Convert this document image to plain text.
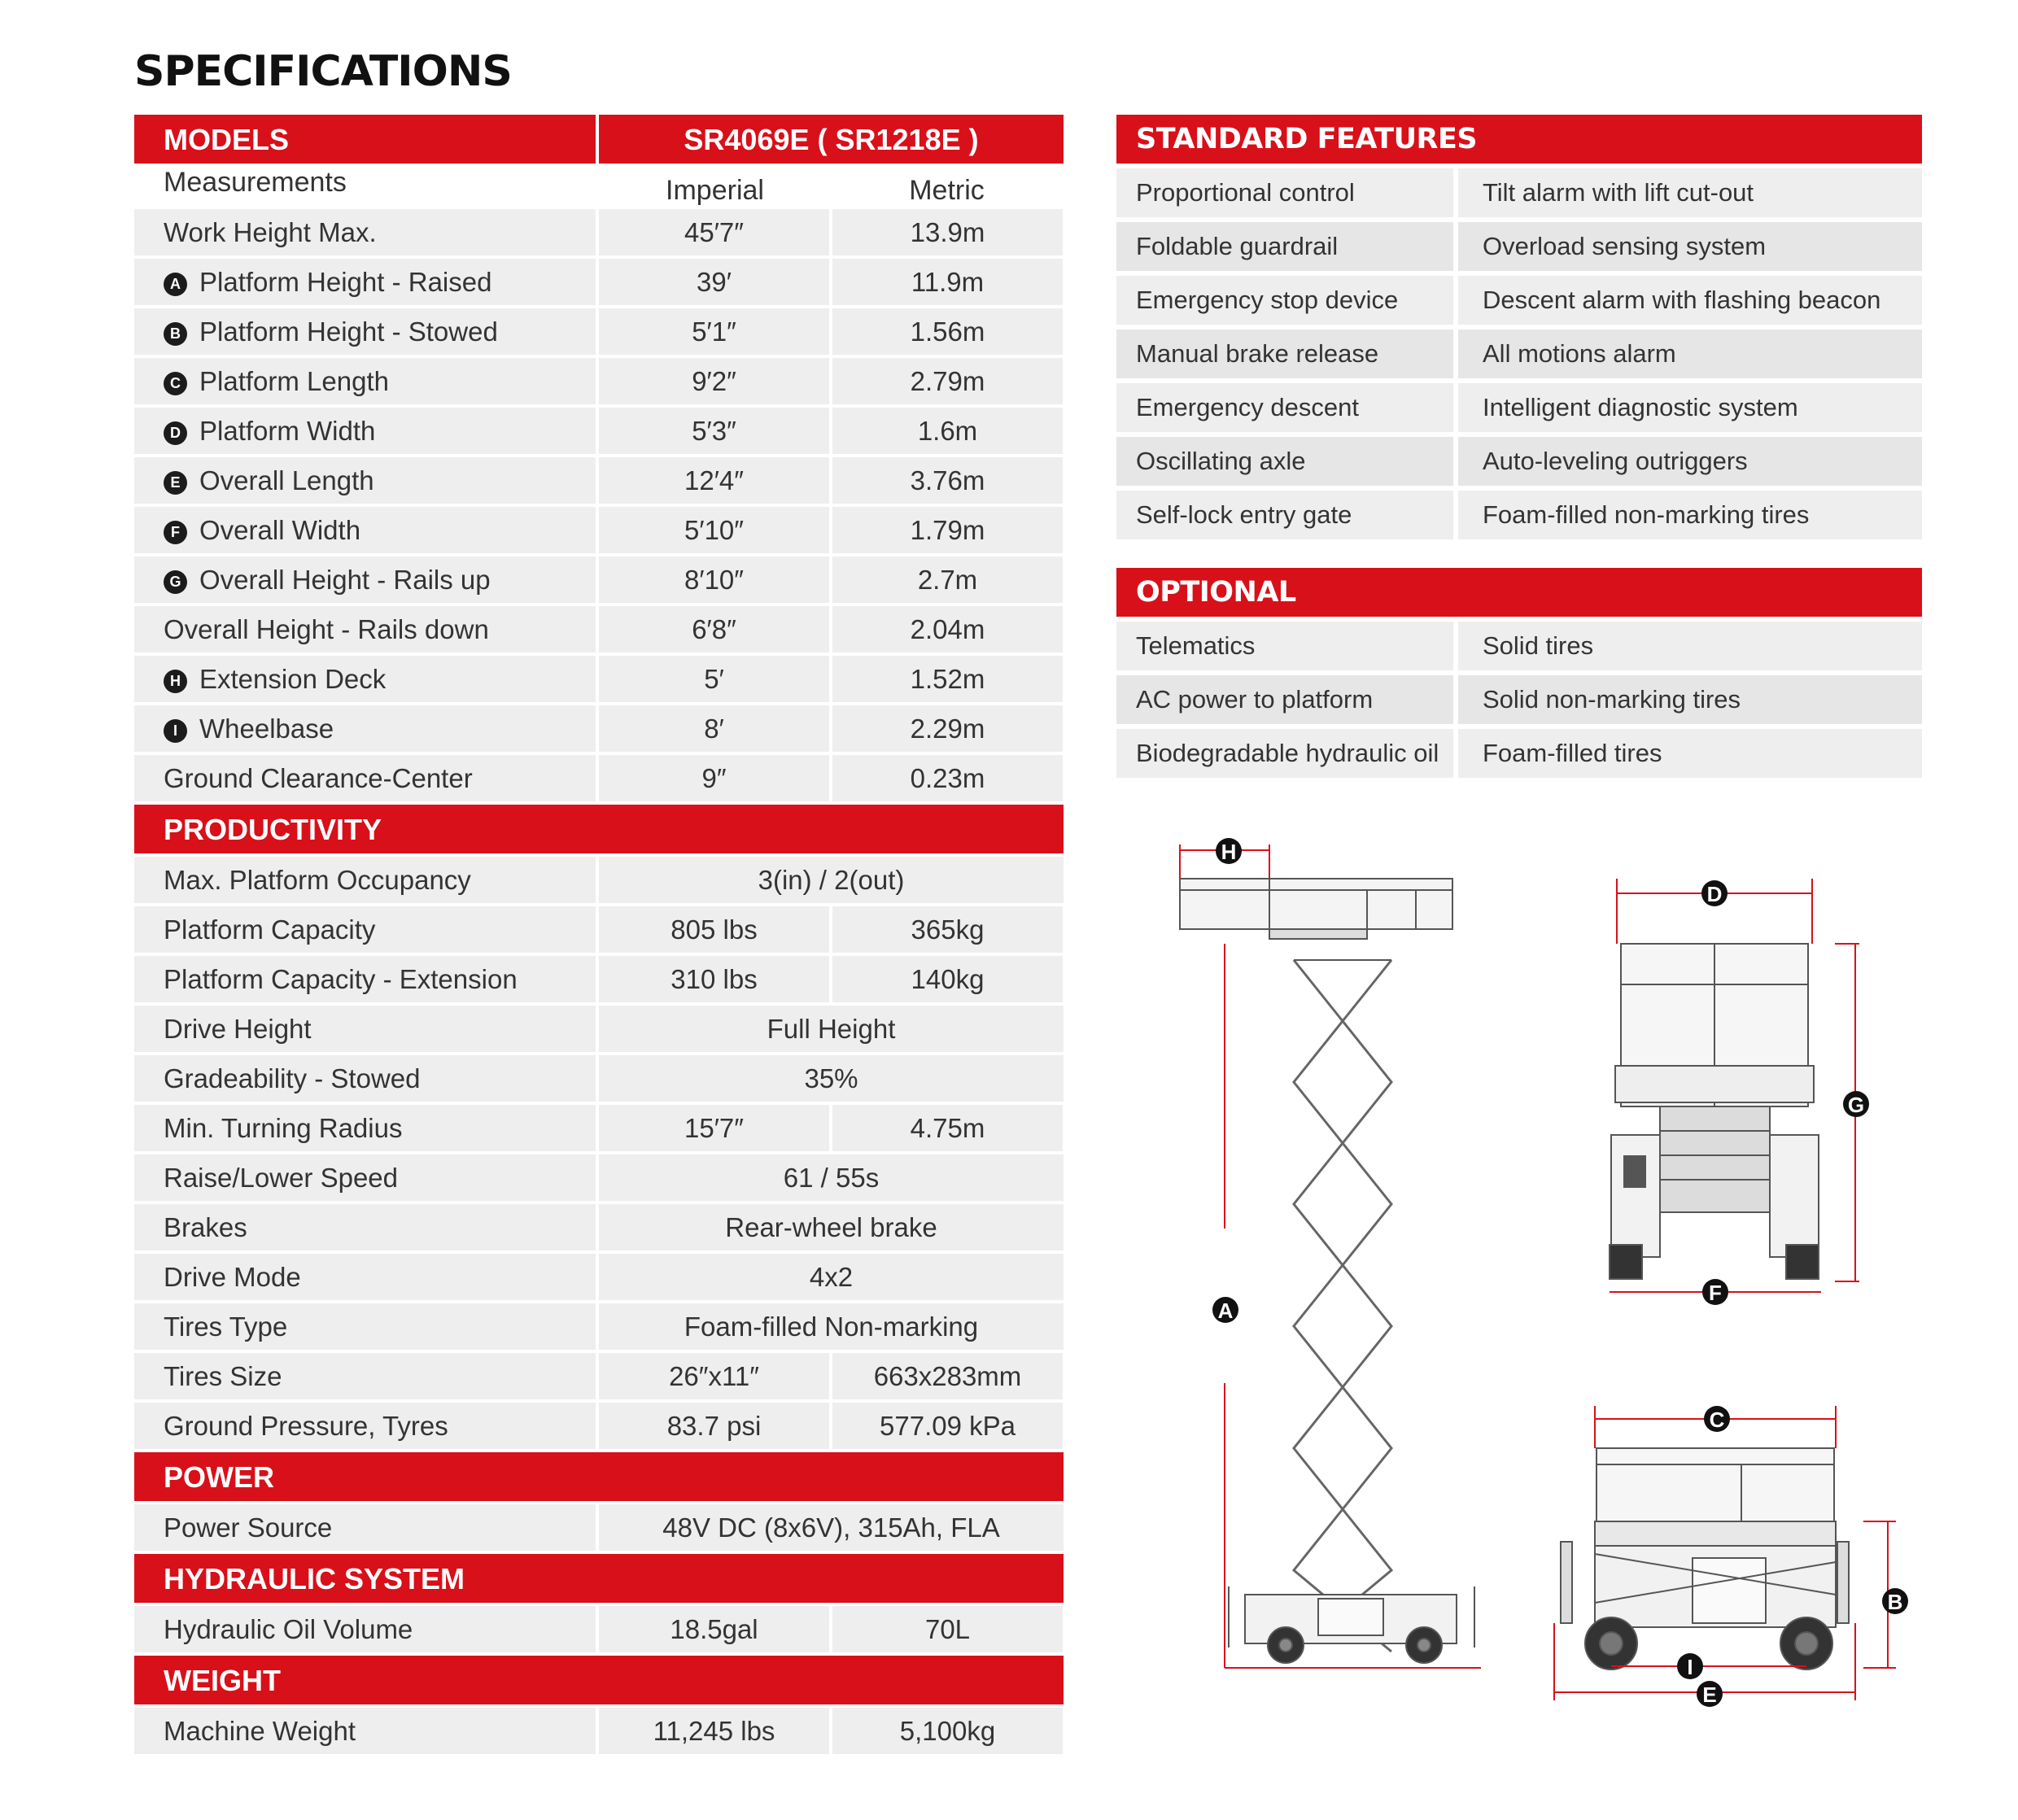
SPECIFICATIONS
MODELS	SR4069E ( SR1218E )
Measurements	Imperial	Metric
Work Height Max.	45′7″	13.9m
A Platform Height - Raised	39′	11.9m
B Platform Height - Stowed	5′1″	1.56m
C Platform Length	9′2″	2.79m
D Platform Width	5′3″	1.6m
E Overall Length	12′4″	3.76m
F Overall Width	5′10″	1.79m
G Overall Height - Rails up	8′10″	2.7m
Overall Height - Rails down	6′8″	2.04m
H Extension Deck	5′	1.52m
I Wheelbase	8′	2.29m
Ground Clearance-Center	9″	0.23m
PRODUCTIVITY
Max. Platform Occupancy	3(in) / 2(out)
Platform Capacity	805 lbs	365kg
Platform Capacity - Extension	310 lbs	140kg
Drive Height	Full Height
Gradeability - Stowed	35%
Min. Turning Radius	15′7″	4.75m
Raise/Lower Speed	61 / 55s
Brakes	Rear-wheel brake
Drive Mode	4x2
Tires Type	Foam-filled Non-marking
Tires Size	26″x11″	663x283mm
Ground Pressure, Tyres	83.7 psi	577.09 kPa
POWER
Power Source	48V DC (8x6V), 315Ah, FLA
HYDRAULIC SYSTEM
Hydraulic Oil Volume	18.5gal	70L
WEIGHT
Machine Weight	11,245 lbs	5,100kg
STANDARD FEATURES
Proportional control	Tilt alarm with lift cut-out
Foldable guardrail	Overload sensing system
Emergency stop device	Descent alarm with flashing beacon
Manual brake release	All motions alarm
Emergency descent	Intelligent diagnostic system
Oscillating axle	Auto-leveling outriggers
Self-lock entry gate	Foam-filled non-marking tires
OPTIONAL
Telematics	Solid tires
AC power to platform	Solid non-marking tires
Biodegradable hydraulic oil	Foam-filled tires
H
A
D
G
F
C
B
I
E
